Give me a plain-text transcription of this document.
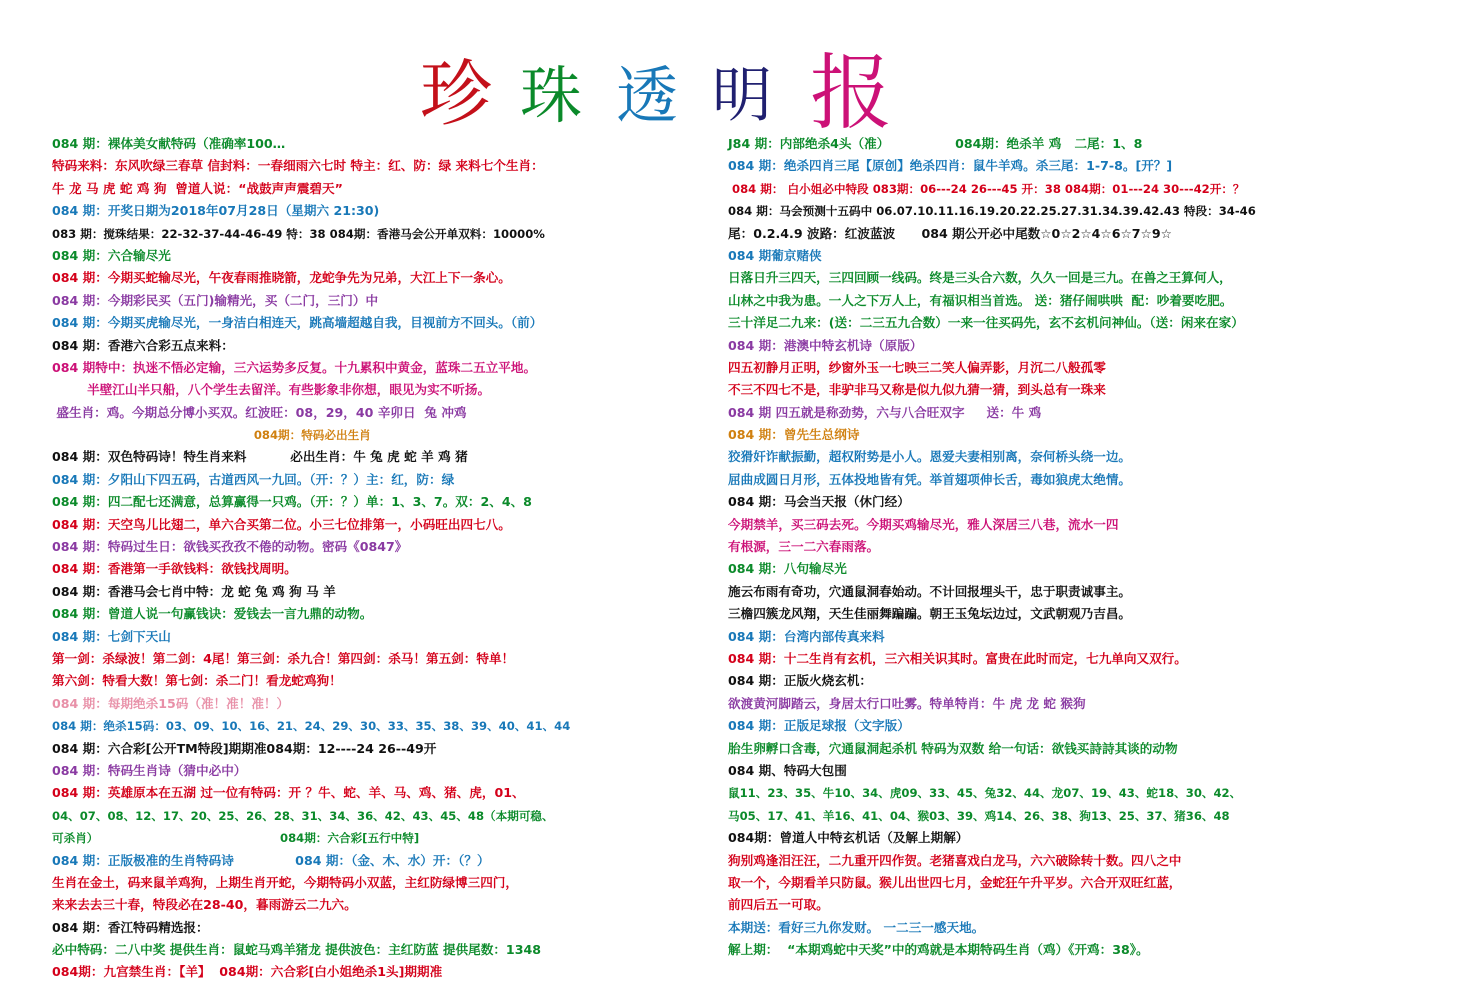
珍 珠 透 明 报
084 期：裸体美女献特码（准确率100…
特码来料：东风吹绿三春草 信封料：一春细雨六七时 特主：红、防：绿 来料七个生肖：
牛 龙 马 虎 蛇 鸡 狗  曾道人说：“战鼓声声震碧天”
084 期：开奖日期为2018年07月28日（星期六 21:30)
083 期：搅珠结果：22-32-37-44-46-49 特：38 084期：香港马会公开单双料：10000%
084 期：六合输尽光
084 期：今期买蛇输尽光，午夜春雨推晓箭，龙蛇争先为兄弟，大江上下一条心。
084 期：今期彩民买（五门)输精光，买（二门，三门）中
084 期：今期买虎输尽光，一身洁白相连天，跳高墙超越自我，目视前方不回头。（前）
084 期：香港六合彩五点来料：
084 期特中：执迷不悟必定输，三六运势多反复。十九累积中黄金，蓝珠二五立平地。
半壁江山半只船，八个学生去留洋。有些影象非你想，眼见为实不听扬。
盛生肖：鸡。今期总分博小买双。红波旺：08，29，40 辛卯日  兔 冲鸡
084期：特码必出生肖
084 期：双色特码诗！特生肖来料          必出生肖：牛 兔 虎 蛇 羊 鸡 猪
084 期：夕阳山下四五码，古道西风一九回。（开：？）主：红，防：绿
084 期：四二配七还满意，总算赢得一只鸡。（开：？）单：1、3、7。双：2、4、8
084 期：天空鸟儿比翅二，单六合买第二位。小三七位排第一，小码旺出四七八。
084 期：特码过生日：欲钱买孜孜不倦的动物。密码《0847》
084 期：香港第一手欲钱料：欲钱找周明。
084 期：香港马会七肖中特：龙 蛇 兔 鸡 狗 马 羊
084 期：曾道人说一句赢钱诀：爱钱去一言九鼎的动物。
084 期：七剑下天山
第一剑：杀绿波！第二剑：4尾！第三剑：杀九合！第四剑：杀马！第五剑：特单！
第六剑：特看大数！第七剑：杀二门！看龙蛇鸡狗！
084 期：每期绝杀15码（准！准！准！）
084 期：绝杀15码：03、09、10、16、21、24、29、30、33、35、38、39、40、41、44
084 期：六合彩[公开TM特段]期期准084期：12----24 26--49开
084 期：特码生肖诗（猜中必中）
084 期：英雄原本在五湖 过一位有特码：开 ？牛、蛇、羊、马、鸡、猪、虎，01、
04、07、08、12、17、20、25、26、28、31、34、36、42、43、45、48（本期可稳、
可杀肖）                                             084期：六合彩[五行中特]
084 期：正版极准的生肖特码诗              084 期：（金、木、水）开：（？）
生肖在金土，码来鼠羊鸡狗，上期生肖开蛇，今期特码小双蓝，主红防绿博三四门，
来来去去三十春，特段必在28-40，暮雨游云二九六。
084 期：香江特码精选报：
必中特码：二八中奖 提供生肖：鼠蛇马鸡羊猪龙 提供波色：主红防蓝 提供尾数：1348
084期：九宫禁生肖：【羊】  084期：六合彩[白小姐绝杀1头]期期准
J84 期：内部绝杀4头（准）               084期：绝杀羊 鸡   二尾：1、8
084 期：绝杀四肖三尾【原创】绝杀四肖：鼠牛羊鸡。杀三尾：1-7-8。[开？]
084 期： 白小姐必中特段 083期：06---24 26---45 开：38 084期：01---24 30---42开：？
084 期：马会预测十五码中 06.07.10.11.16.19.20.22.25.27.31.34.39.42.43 特段：34-46
尾：0.2.4.9 波路：红波蓝波      084 期公开必中尾数☆0☆2☆4☆6☆7☆9☆
084 期葡京赌侠
日落日升三四天，三四回顾一线码。终是三头合六数，久久一回是三九。在兽之王算何人，
山林之中我为患。一人之下万人上，有福识相当首选。 送：猪仔闹哄哄  配：吵着要吃肥。
三十洋足二九来：(送：二三五九合数）一来一往买码先，玄不玄机问神仙。（送：闲来在家）
084 期：港澳中特玄机诗（原版）
四五初静月正明，纱窗外玉一七映三二笑人偏弄影，月沉二八般孤零
不三不四七不是，非驴非马又称是似九似九猜一猜，到头总有一珠来
084 期 四五就是称劲势，六与八合旺双字     送：牛 鸡
084 期：曾先生总纲诗
狡猾奸诈献振勤，超权附势是小人。恩爱夫妻相别离，奈何桥头绕一边。
屈曲成圆日月形，五体投地皆有凭。举首翅项伸长舌，毒如狼虎太绝情。
084 期：马会当天报（休门经）
今期禁羊，买三码去死。今期买鸡输尽光，雅人深居三八巷，流水一四
有根源，三一二六春雨落。
084 期：八句输尽光
施云布雨有奇功，穴通鼠洞春始动。不计回报埋头干，忠于职责诚事主。
三檐四簇龙风翔，天生佳丽舞蹁蹁。朝王玉兔坛边过，文武朝观乃吉昌。
084 期：台湾内部传真来料
084 期：十二生肖有玄机，三六相关识其时。富贵在此时而定，七九单向又双行。
084 期：正版火烧玄机：
欲渡黄河脚踏云，身居太行口吐雾。特单特肖：牛 虎 龙 蛇 猴狗
084 期：正版足球报（文字版）
胎生卵孵口含毒，穴通鼠洞起杀机 特码为双数 给一句话：欲钱买詩詩其谈的动物
084 期、特码大包围
鼠11、23、35、牛10、34、虎09、33、45、兔32、44、龙07、19、43、蛇18、30、42、
马05、17、41、羊16、41、04、猴03、39、鸡14、26、38、狗13、25、37、猪36、48
084期：曾道人中特玄机话（及解上期解）
狗别鸡逢泪汪汪，二九重开四作贺。老猪喜戏白龙马，六六破除转十数。四八之中
取一个，今期看羊只防鼠。猴儿出世四七月，金蛇狂午升平岁。六合开双旺红蓝，
前四后五一可取。
本期送：看好三九你发财。 一二三一感天地。
解上期：  “本期鸡蛇中天奖”中的鸡就是本期特码生肖（鸡）《开鸡：38》。
